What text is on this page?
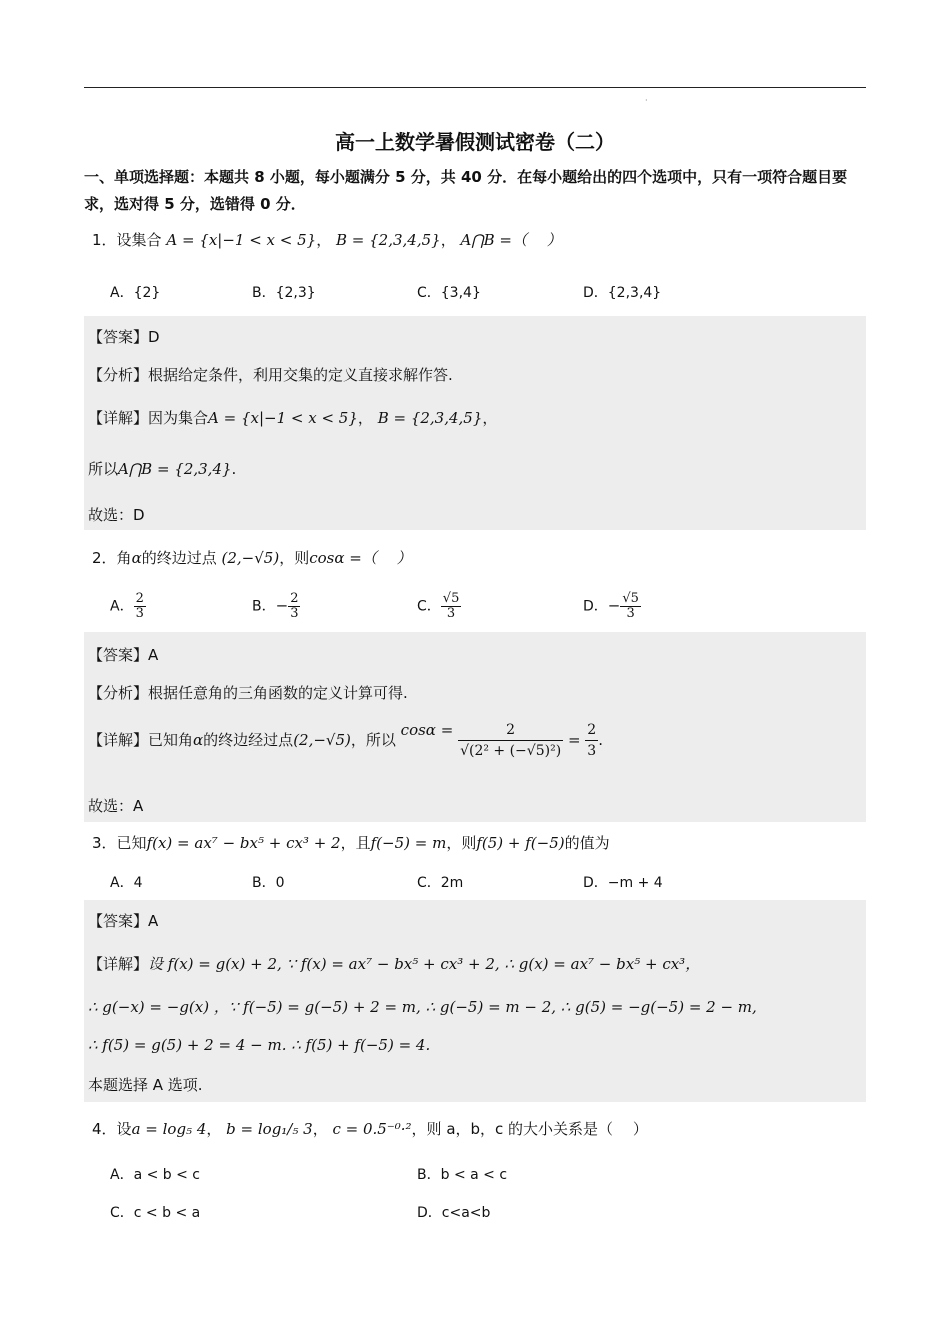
·
高一上数学暑假测试密卷（二）
一、单项选择题：本题共 8 小题，每小题满分 5 分，共 40 分．在每小题给出的四个选项中，只有一项符合题目要求，选对得 5 分，选错得 0 分．
1．设集合 A = {x|−1 < x < 5}， B = {2,3,4,5}， A⋂B =（　 ）
A．{2}	B．{2,3}	C．{3,4}	D．{2,3,4}
【答案】D
【分析】根据给定条件，利用交集的定义直接求解作答.
【详解】因为集合A = {x|−1 < x < 5}， B = {2,3,4,5}，
所以A⋂B = {2,3,4}.
故选：D
2．角α的终边过点 (2,−√5)，则cosα =（　 ）
A． $\frac{2}{3}$	B．− $\frac{2}{3}$	C． $\frac{√5}{3}$	D．− $\frac{√5}{3}$
【答案】A
【分析】根据任意角的三角函数的定义计算可得.
【详解】已知角α的终边经过点(2,−√5)，所以 $\cos\alpha = \frac{2}{\text{√(2² + (−√5)²)}} = \frac{2}{3}$ .
故选：A
3．已知f(x) = ax⁷ − bx⁵ + cx³ + 2，且f(−5) = m，则f(5) + f(−5)的值为
A．4	B．0	C．2m	D．−m + 4
【答案】A
【详解】设 f(x) = g(x) + 2, ∵ f(x) = ax⁷ − bx⁵ + cx³ + 2, ∴ g(x) = ax⁷ − bx⁵ + cx³，
∴ g(−x) = −g(x) ，∵ f(−5) = g(−5) + 2 = m, ∴ g(−5) = m − 2, ∴ g(5) = −g(−5) = 2 − m,
∴ f(5) = g(5) + 2 = 4 − m. ∴ f(5) + f(−5) = 4.
本题选择 A 选项.
4．设a = log₅ 4， b = log₁/₅ 3， c = 0.5⁻⁰·²，则 a，b，c 的大小关系是（　 ）
A．a < b < c	B．b < a < c
C．c < b < a	D．c<a<b
